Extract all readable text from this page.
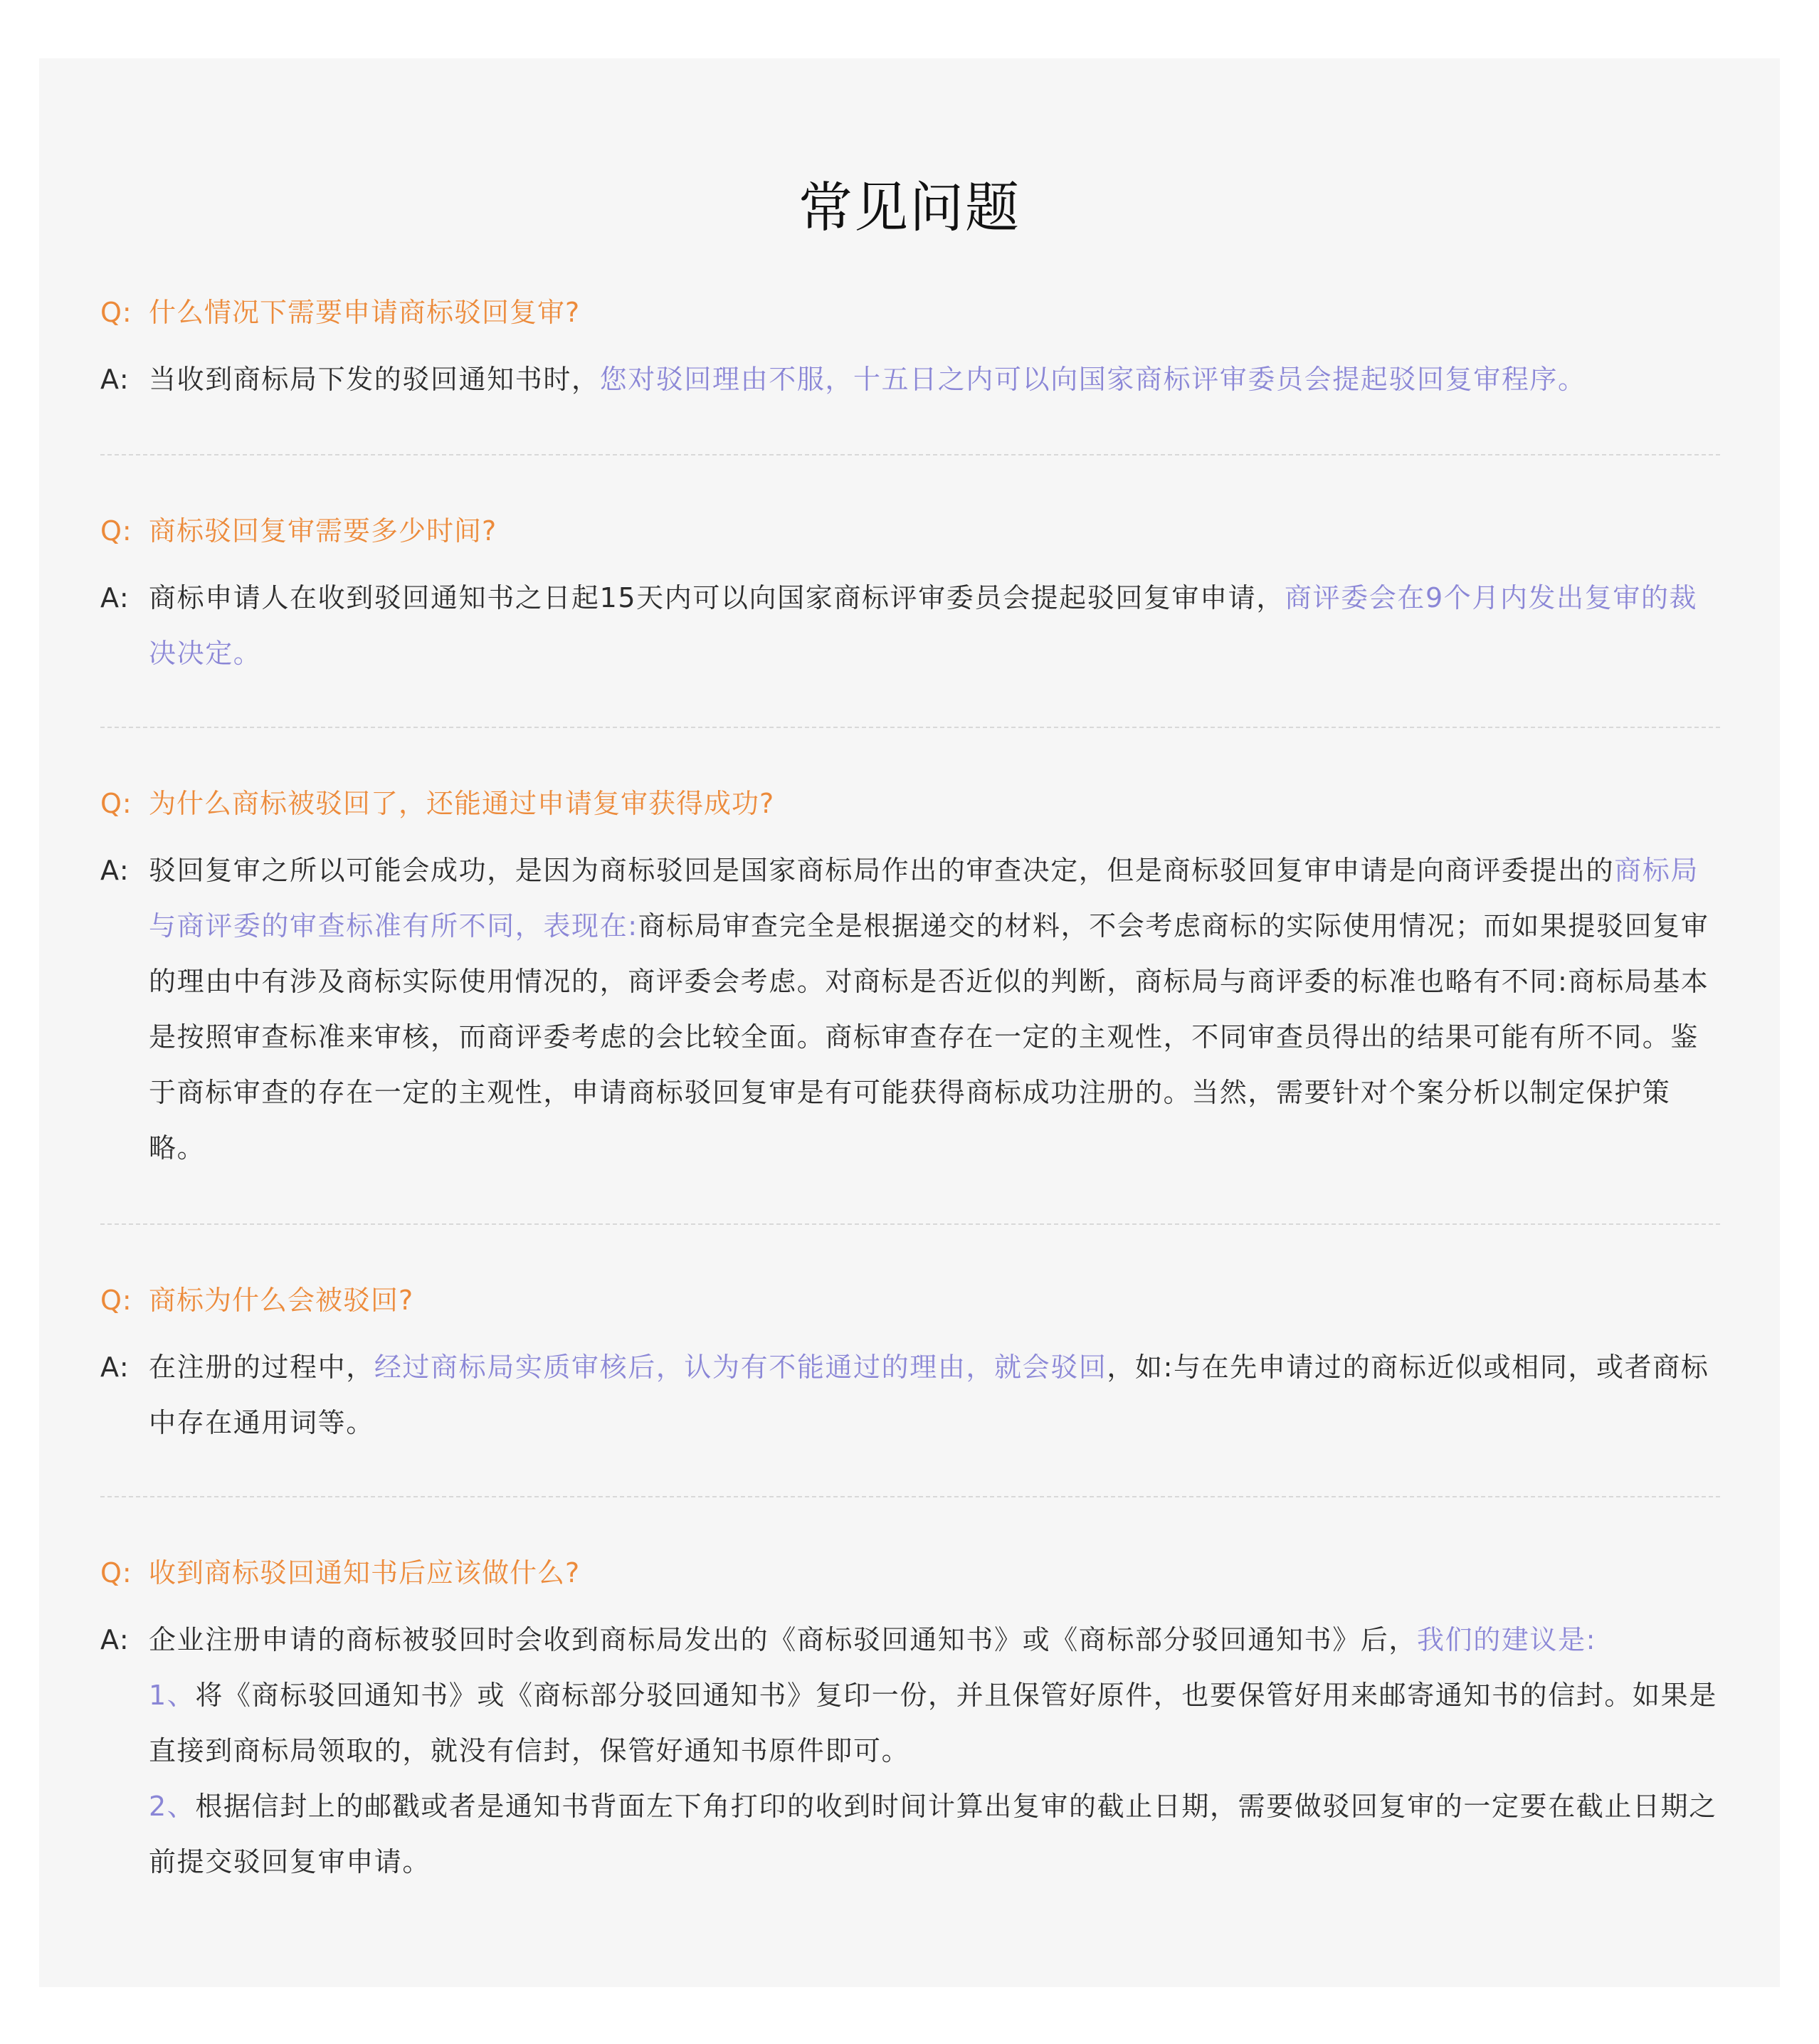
常见问题
Q: 什么情况下需要申请商标驳回复审?
A: 当收到商标局下发的驳回通知书时，您对驳回理由不服，十五日之内可以向国家商标评审委员会提起驳回复审程序。
Q: 商标驳回复审需要多少时间?
A: 商标申请人在收到驳回通知书之日起15天内可以向国家商标评审委员会提起驳回复审申请，商评委会在9个月内发出复审的裁决决定。
Q: 为什么商标被驳回了，还能通过申请复审获得成功?
A: 驳回复审之所以可能会成功，是因为商标驳回是国家商标局作出的审查决定，但是商标驳回复审申请是向商评委提出的商标局与商评委的审查标准有所不同，表现在:商标局审查完全是根据递交的材料，不会考虑商标的实际使用情况；而如果提驳回复审的理由中有涉及商标实际使用情况的，商评委会考虑。对商标是否近似的判断，商标局与商评委的标准也略有不同:商标局基本是按照审查标准来审核，而商评委考虑的会比较全面。商标审查存在一定的主观性，不同审查员得出的结果可能有所不同。鉴于商标审查的存在一定的主观性，申请商标驳回复审是有可能获得商标成功注册的。当然，需要针对个案分析以制定保护策略。
Q: 商标为什么会被驳回?
A: 在注册的过程中，经过商标局实质审核后，认为有不能通过的理由，就会驳回，如:与在先申请过的商标近似或相同，或者商标中存在通用词等。
Q: 收到商标驳回通知书后应该做什么?
A: 企业注册申请的商标被驳回时会收到商标局发出的《商标驳回通知书》或《商标部分驳回通知书》后，我们的建议是:
1、将《商标驳回通知书》或《商标部分驳回通知书》复印一份，并且保管好原件，也要保管好用来邮寄通知书的信封。如果是直接到商标局领取的，就没有信封，保管好通知书原件即可。
2、根据信封上的邮戳或者是通知书背面左下角打印的收到时间计算出复审的截止日期，需要做驳回复审的一定要在截止日期之前提交驳回复审申请。
